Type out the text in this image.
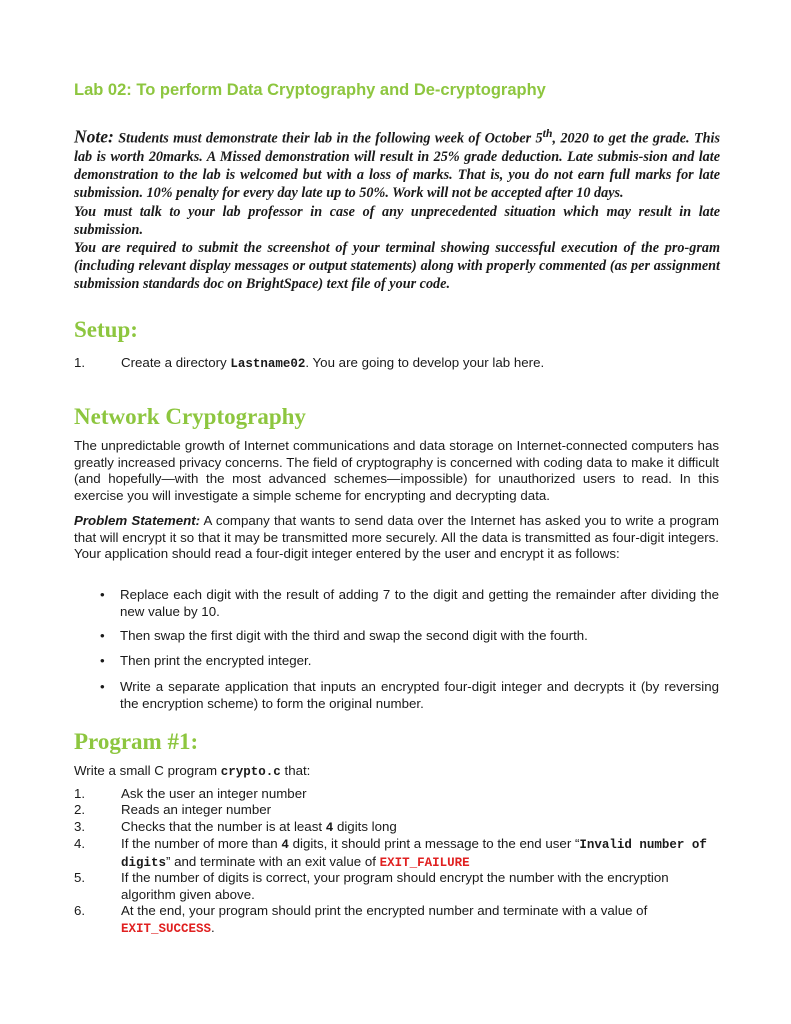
Lab 02: To perform Data Cryptography and De-cryptography

Note: Students must demonstrate their lab in the following week of October 5th, 2020 to get the grade. This lab is worth 20marks. A Missed demonstration will result in 25% grade deduction. Late submis-sion and late demonstration to the lab is welcomed but with a loss of marks. That is, you do not earn full marks for late submission. 10% penalty for every day late up to 50%. Work will not be accepted after 10 days.

You must talk to your lab professor in case of any unprecedented situation which may result in late submission.

You are required to submit the screenshot of your terminal showing successful execution of the pro-gram (including relevant display messages or output statements) along with properly commented (as per assignment submission standards doc on BrightSpace) text file of your code.

Setup:
1.	Create a directory Lastname02. You are going to develop your lab here.
Network Cryptography

The unpredictable growth of Internet communications and data storage on Internet-connected computers has greatly increased privacy concerns. The field of cryptography is concerned with coding data to make it difficult (and hopefully—with the most advanced schemes—impossible) for unauthorized users to read. In this exercise you will investigate a simple scheme for encrypting and decrypting data.

Problem Statement: A company that wants to send data over the Internet has asked you to write a program that will encrypt it so that it may be transmitted more securely. All the data is transmitted as four-digit integers. Your application should read a four-digit integer entered by the user and encrypt it as follows:

• Replace each digit with the result of adding 7 to the digit and getting the remainder after dividing the new value by 10.
• Then swap the first digit with the third and swap the second digit with the fourth.
• Then print the encrypted integer.
• Write a separate application that inputs an encrypted four-digit integer and decrypts it (by reversing the encryption scheme) to form the original number.
Program #1:

Write a small C program crypto.c that:

1.	Ask the user an integer number
2.	Reads an integer number
3.	Checks that the number is at least 4 digits long
4.	If the number of more than 4 digits, it should print a message to the end user “Invalid number of digits” and terminate with an exit value of EXIT_FAILURE
5.	If the number of digits is correct, your program should encrypt the number with the encryption algorithm given above.
6.	At the end, your program should print the encrypted number and terminate with a value of EXIT_SUCCESS.
